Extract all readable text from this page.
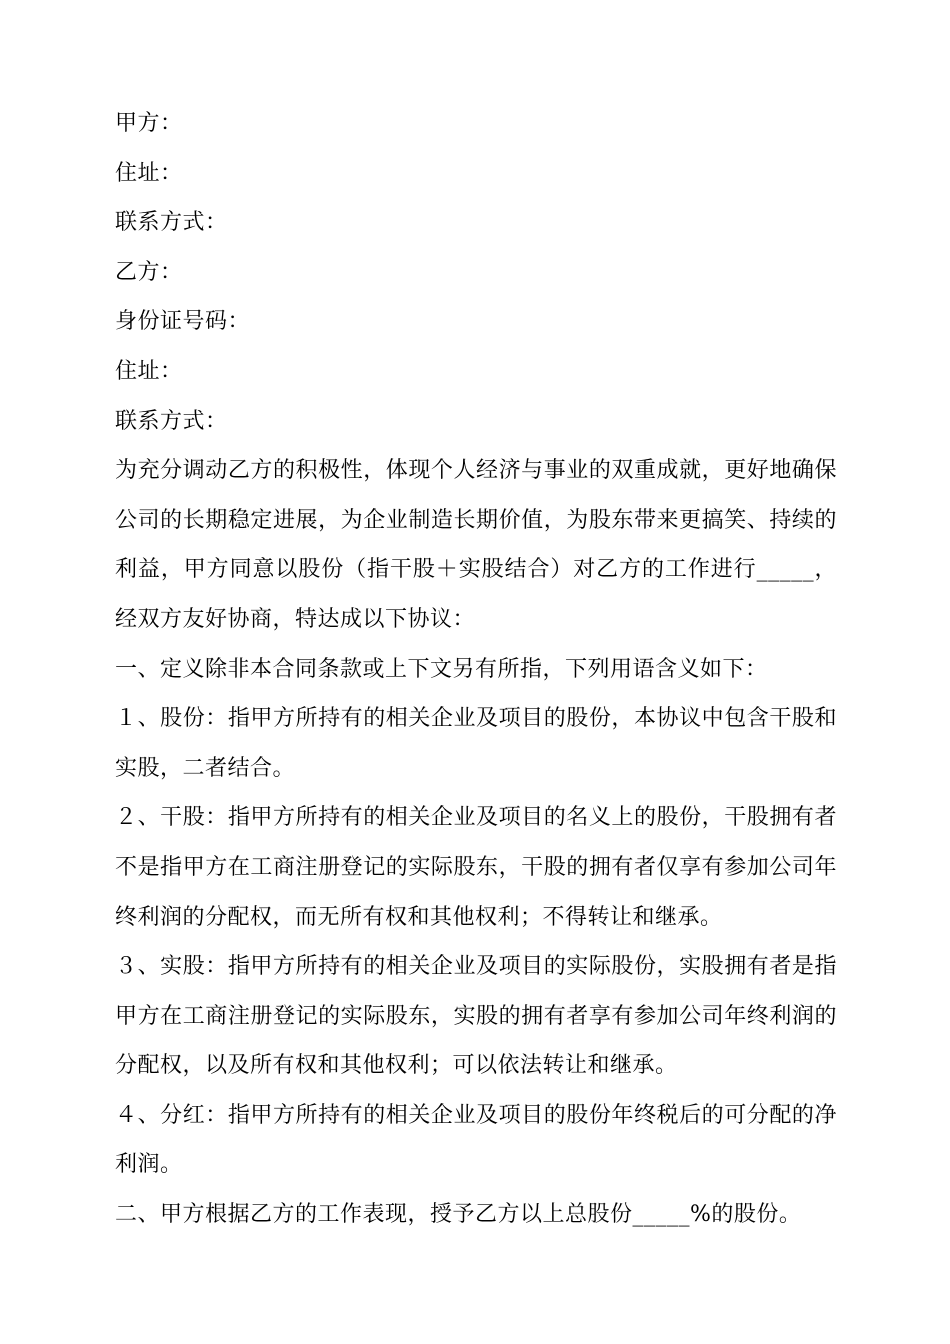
甲方：

住址：

联系方式：

乙方：

身份证号码：

住址：

联系方式：

为充分调动乙方的积极性，体现个人经济与事业的双重成就，更好地确保公司的长期稳定进展，为企业制造长期价值，为股东带来更搞笑、持续的利益，甲方同意以股份（指干股＋实股结合）对乙方的工作进行_____，经双方友好协商，特达成以下协议：

一、定义除非本合同条款或上下文另有所指，下列用语含义如下：

１、股份：指甲方所持有的相关企业及项目的股份，本协议中包含干股和实股，二者结合。

２、干股：指甲方所持有的相关企业及项目的名义上的股份，干股拥有者不是指甲方在工商注册登记的实际股东，干股的拥有者仅享有参加公司年终利润的分配权，而无所有权和其他权利；不得转让和继承。

３、实股：指甲方所持有的相关企业及项目的实际股份，实股拥有者是指甲方在工商注册登记的实际股东，实股的拥有者享有参加公司年终利润的分配权，以及所有权和其他权利；可以依法转让和继承。

４、分红：指甲方所持有的相关企业及项目的股份年终税后的可分配的净利润。

二、甲方根据乙方的工作表现，授予乙方以上总股份_____%的股份。
